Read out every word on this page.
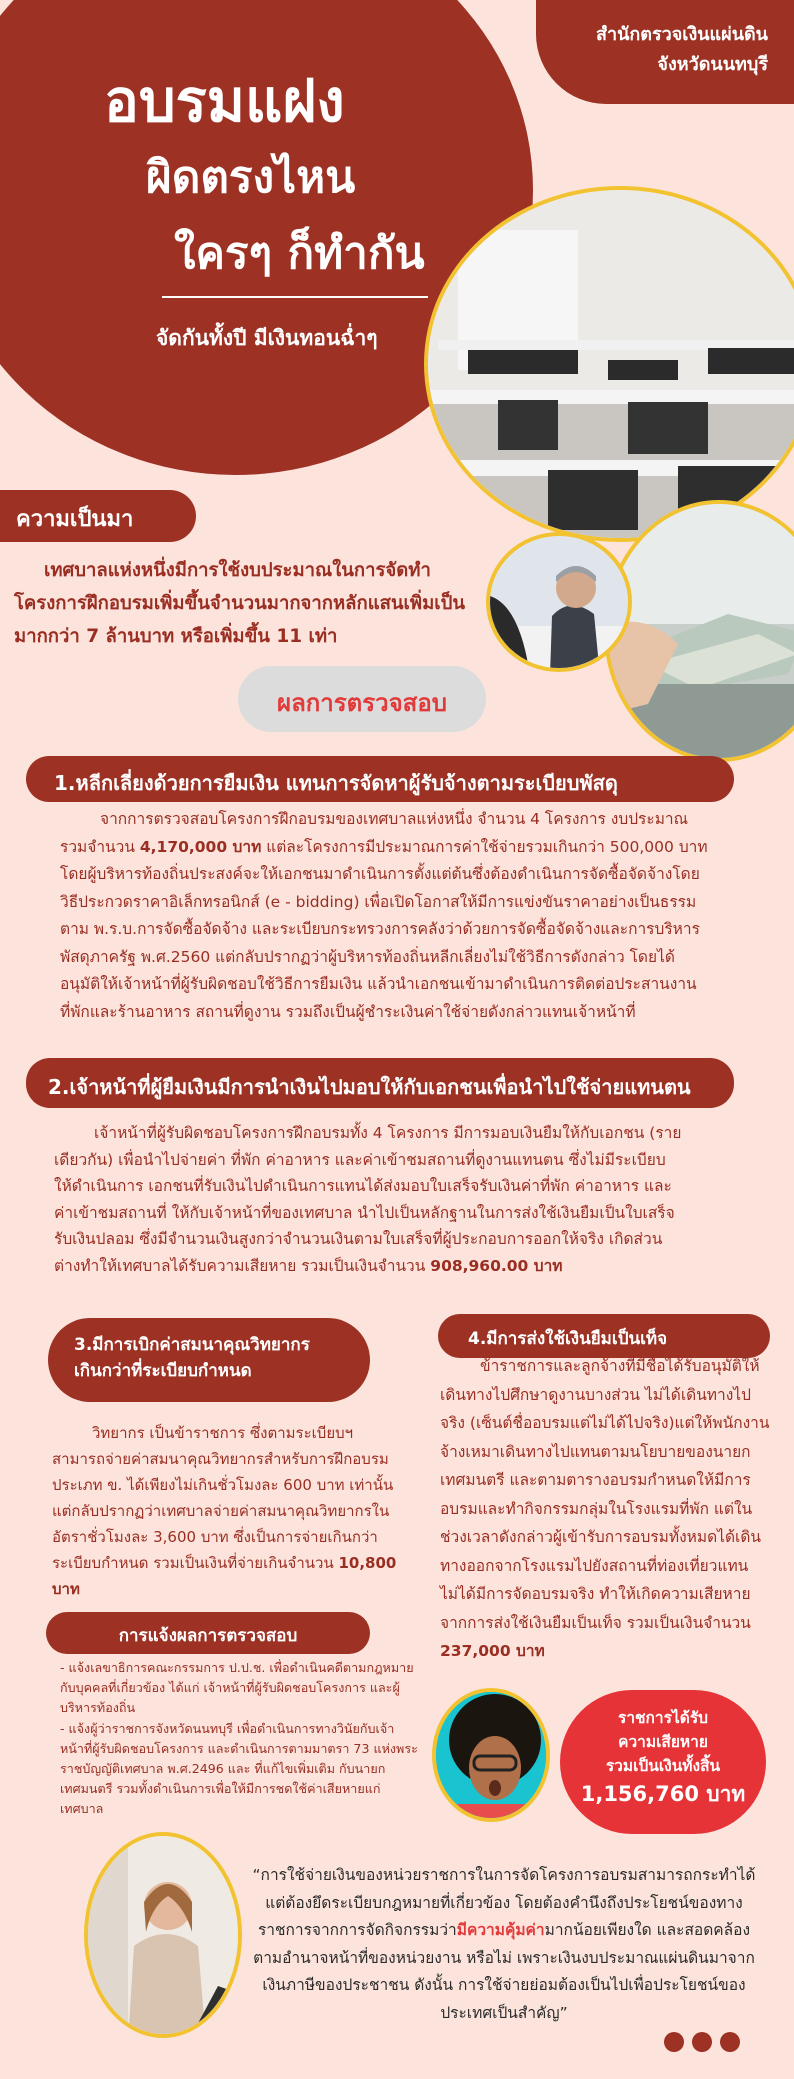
สำนักตรวจเงินแผ่นดิน
จังหวัดนนทบุรี
อบรมแฝง
ผิดตรงไหน
ใครๆ ก็ทำกัน
จัดกันทั้งปี มีเงินทอนฉ่ำๆ
ความเป็นมา
เทศบาลแห่งหนึ่งมีการใช้งบประมาณในการจัดทำโครงการฝึกอบรมเพิ่มขึ้นจำนวนมากจากหลักแสนเพิ่มเป็นมากกว่า 7 ล้านบาท หรือเพิ่มขึ้น 11 เท่า
ผลการตรวจสอบ
1.หลีกเลี่ยงด้วยการยืมเงิน แทนการจัดหาผู้รับจ้างตามระเบียบพัสดุ
จากการตรวจสอบโครงการฝึกอบรมของเทศบาลแห่งหนึ่ง จำนวน 4 โครงการ งบประมาณรวมจำนวน 4,170,000 บาท แต่ละโครงการมีประมาณการค่าใช้จ่ายรวมเกินกว่า 500,000 บาท โดยผู้บริหารท้องถิ่นประสงค์จะให้เอกชนมาดำเนินการตั้งแต่ต้นซึ่งต้องดำเนินการจัดซื้อจัดจ้างโดยวิธีประกวดราคาอิเล็กทรอนิกส์ (e - bidding) เพื่อเปิดโอกาสให้มีการแข่งขันราคาอย่างเป็นธรรม ตาม พ.ร.บ.การจัดซื้อจัดจ้าง และระเบียบกระทรวงการคลังว่าด้วยการจัดซื้อจัดจ้างและการบริหารพัสดุภาครัฐ พ.ศ.2560 แต่กลับปรากฏว่าผู้บริหารท้องถิ่นหลีกเลี่ยงไม่ใช้วิธีการดังกล่าว โดยได้อนุมัติให้เจ้าหน้าที่ผู้รับผิดชอบใช้วิธีการยืมเงิน แล้วนำเอกชนเข้ามาดำเนินการติดต่อประสานงานที่พักและร้านอาหาร สถานที่ดูงาน รวมถึงเป็นผู้ชำระเงินค่าใช้จ่ายดังกล่าวแทนเจ้าหน้าที่
2.เจ้าหน้าที่ผู้ยืมเงินมีการนำเงินไปมอบให้กับเอกชนเพื่อนำไปใช้จ่ายแทนตน
เจ้าหน้าที่ผู้รับผิดชอบโครงการฝึกอบรมทั้ง 4 โครงการ มีการมอบเงินยืมให้กับเอกชน (รายเดียวกัน) เพื่อนำไปจ่ายค่า ที่พัก ค่าอาหาร และค่าเข้าชมสถานที่ดูงานแทนตน ซึ่งไม่มีระเบียบให้ดำเนินการ เอกชนที่รับเงินไปดำเนินการแทนได้ส่งมอบใบเสร็จรับเงินค่าที่พัก ค่าอาหาร และค่าเข้าชมสถานที่ ให้กับเจ้าหน้าที่ของเทศบาล นำไปเป็นหลักฐานในการส่งใช้เงินยืมเป็นใบเสร็จรับเงินปลอม ซึ่งมีจำนวนเงินสูงกว่าจำนวนเงินตามใบเสร็จที่ผู้ประกอบการออกให้จริง เกิดส่วนต่างทำให้เทศบาลได้รับความเสียหาย รวมเป็นเงินจำนวน 908,960.00 บาท
3.มีการเบิกค่าสมนาคุณวิทยากร
เกินกว่าที่ระเบียบกำหนด
วิทยากร เป็นข้าราชการ ซึ่งตามระเบียบฯ สามารถจ่ายค่าสมนาคุณวิทยากรสำหรับการฝึกอบรมประเภท ข. ได้เพียงไม่เกินชั่วโมงละ 600 บาท เท่านั้น แต่กลับปรากฏว่าเทศบาลจ่ายค่าสมนาคุณวิทยากรในอัตราชั่วโมงละ 3,600 บาท ซึ่งเป็นการจ่ายเกินกว่าระเบียบกำหนด รวมเป็นเงินที่จ่ายเกินจำนวน 10,800 บาท
4.มีการส่งใช้เงินยืมเป็นเท็จ
ข้าราชการและลูกจ้างที่มีชื่อได้รับอนุมัติให้เดินทางไปศึกษาดูงานบางส่วน ไม่ได้เดินทางไปจริง (เซ็นต์ชื่ออบรมแต่ไม่ได้ไปจริง)แต่ให้พนักงานจ้างเหมาเดินทางไปแทนตามนโยบายของนายกเทศมนตรี และตามตารางอบรมกำหนดให้มีการอบรมและทำกิจกรรมกลุ่มในโรงแรมที่พัก แต่ในช่วงเวลาดังกล่าวผู้เข้ารับการอบรมทั้งหมดได้เดินทางออกจากโรงแรมไปยังสถานที่ท่องเที่ยวแทน ไม่ได้มีการจัดอบรมจริง ทำให้เกิดความเสียหายจากการส่งใช้เงินยืมเป็นเท็จ รวมเป็นเงินจำนวน 237,000 บาท
การแจ้งผลการตรวจสอบ
- แจ้งเลขาธิการคณะกรรมการ ป.ป.ช. เพื่อดำเนินคดีตามกฎหมายกับบุคคลที่เกี่ยวข้อง ได้แก่ เจ้าหน้าที่ผู้รับผิดชอบโครงการ และผู้บริหารท้องถิ่น
- แจ้งผู้ว่าราชการจังหวัดนนทบุรี เพื่อดำเนินการทางวินัยกับเจ้าหน้าที่ผู้รับผิดชอบโครงการ และดำเนินการตามมาตรา 73 แห่งพระราชบัญญัติเทศบาล พ.ศ.2496 และ ที่แก้ไขเพิ่มเติม กับนายกเทศมนตรี รวมทั้งดำเนินการเพื่อให้มีการชดใช้ค่าเสียหายแก่เทศบาล
ราชการได้รับ
ความเสียหาย
รวมเป็นเงินทั้งสิ้น
1,156,760 บาท
“การใช้จ่ายเงินของหน่วยราชการในการจัดโครงการอบรมสามารถกระทำได้ แต่ต้องยึดระเบียบกฎหมายที่เกี่ยวข้อง โดยต้องคำนึงถึงประโยชน์ของทางราชการจากการจัดกิจกรรมว่ามีความคุ้มค่ามากน้อยเพียงใด และสอดคล้องตามอำนาจหน้าที่ของหน่วยงาน หรือไม่ เพราะเงินงบประมาณแผ่นดินมาจากเงินภาษีของประชาชน ดังนั้น การใช้จ่ายย่อมต้องเป็นไปเพื่อประโยชน์ของประเทศเป็นสำคัญ”
